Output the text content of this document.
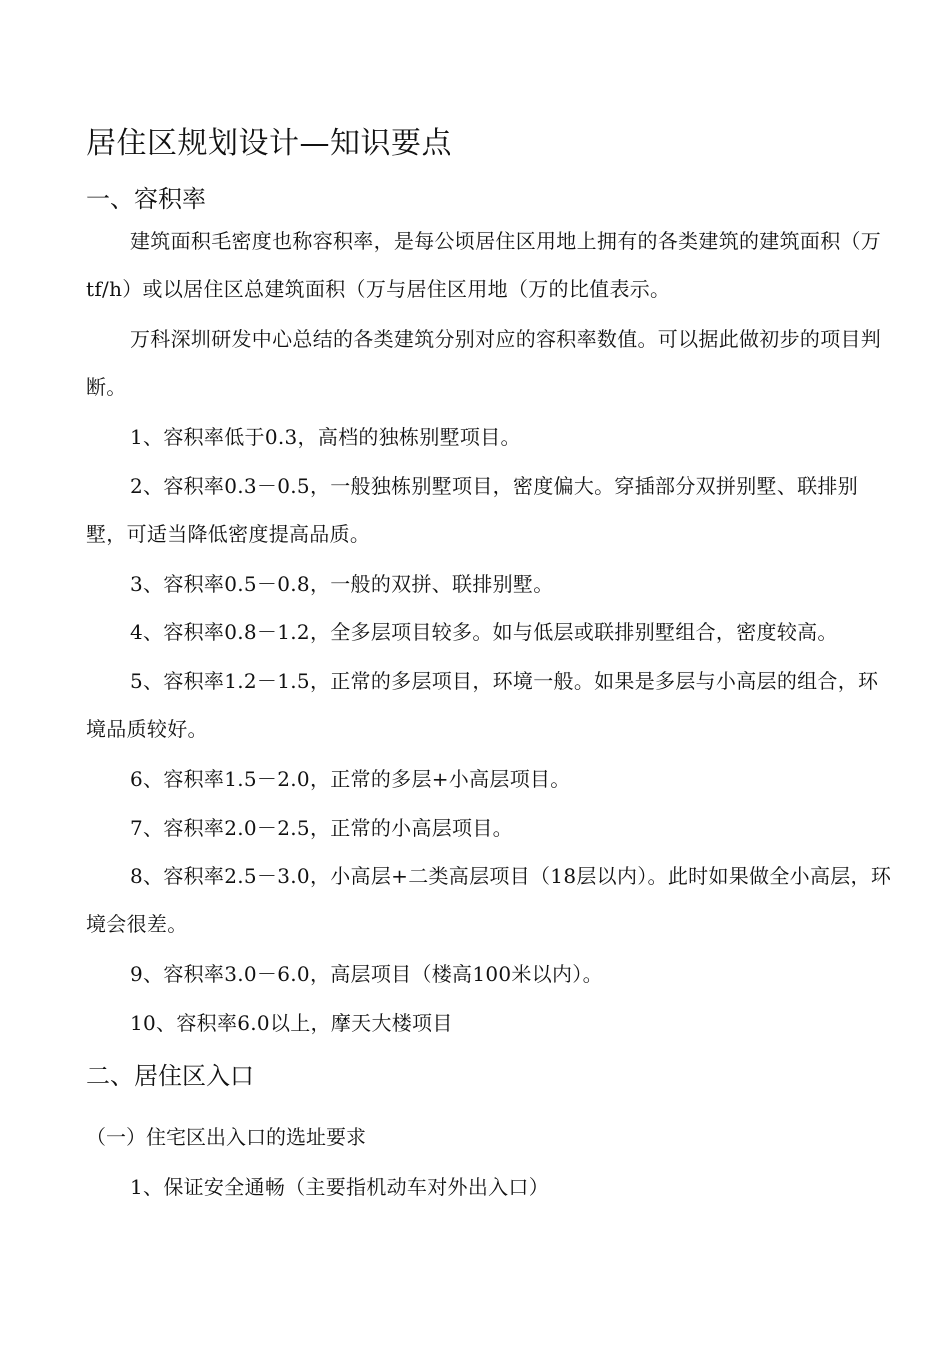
居住区规划设计—知识要点
一、容积率

建筑面积毛密度也称容积率，是每公顷居住区用地上拥有的各类建筑的建筑面积（万tf/h）或以居住区总建筑面积（万与居住区用地（万的比值表示。

万科深圳研发中心总结的各类建筑分别对应的容积率数值。可以据此做初步的项目判断。

1、容积率低于0.3，高档的独栋别墅项目。

2、容积率0.3－0.5，一般独栋别墅项目，密度偏大。穿插部分双拼别墅、联排别墅，可适当降低密度提高品质。

3、容积率0.5－0.8，一般的双拼、联排别墅。
4、容积率0.8－1.2，全多层项目较多。如与低层或联排别墅组合，密度较高。

5、容积率1.2－1.5，正常的多层项目，环境一般。如果是多层与小高层的组合，环境品质较好。

6、容积率1.5－2.0，正常的多层+小高层项目。
7、容积率2.0－2.5，正常的小高层项目。

8、容积率2.5－3.0，小高层+二类高层项目（18层以内）。此时如果做全小高层，环境会很差。

9、容积率3.0－6.0，高层项目（楼高100米以内）。
10、容积率6.0以上，摩天大楼项目
二、居住区入口
（一）住宅区出入口的选址要求
1、保证安全通畅（主要指机动车对外出入口）
